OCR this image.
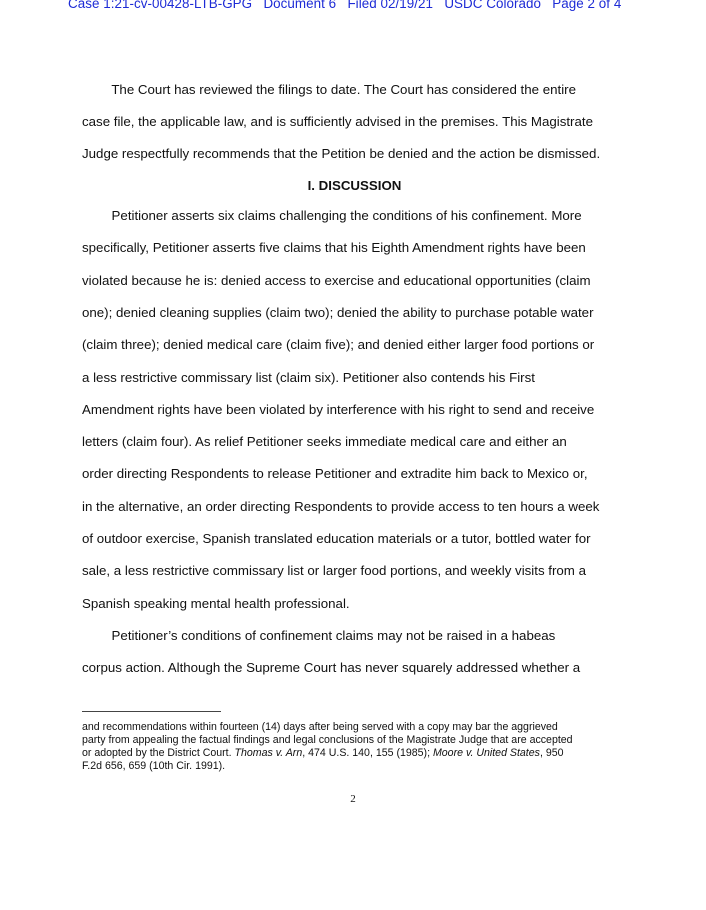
Case 1:21-cv-00428-LTB-GPG   Document 6   Filed 02/19/21   USDC Colorado   Page 2 of 4
The Court has reviewed the filings to date. The Court has considered the entire
case file, the applicable law, and is sufficiently advised in the premises. This Magistrate
Judge respectfully recommends that the Petition be denied and the action be dismissed.
I. DISCUSSION
Petitioner asserts six claims challenging the conditions of his confinement. More
specifically, Petitioner asserts five claims that his Eighth Amendment rights have been
violated because he is: denied access to exercise and educational opportunities (claim
one); denied cleaning supplies (claim two); denied the ability to purchase potable water
(claim three); denied medical care (claim five); and denied either larger food portions or
a less restrictive commissary list (claim six). Petitioner also contends his First
Amendment rights have been violated by interference with his right to send and receive
letters (claim four). As relief Petitioner seeks immediate medical care and either an
order directing Respondents to release Petitioner and extradite him back to Mexico or,
in the alternative, an order directing Respondents to provide access to ten hours a week
of outdoor exercise, Spanish translated education materials or a tutor, bottled water for
sale, a less restrictive commissary list or larger food portions, and weekly visits from a
Spanish speaking mental health professional.
Petitioner’s conditions of confinement claims may not be raised in a habeas
corpus action. Although the Supreme Court has never squarely addressed whether a
and recommendations within fourteen (14) days after being served with a copy may bar the aggrieved
party from appealing the factual findings and legal conclusions of the Magistrate Judge that are accepted
or adopted by the District Court. Thomas v. Arn, 474 U.S. 140, 155 (1985); Moore v. United States, 950
F.2d 656, 659 (10th Cir. 1991).
2
